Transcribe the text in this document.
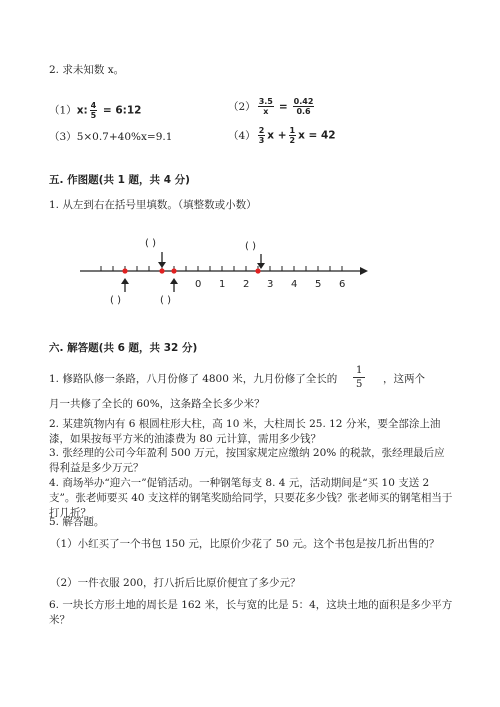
2. 求未知数 x。
（1）x: $\frac{4}{5}$ = 6:12	$(2) \frac{3.5}{x} = \frac{0.42}{0.6}$
（3）5×0.7+40%x=9.1	$(4) \frac{2}{3}$ $x + \frac{1}{2}$ x = 42
五. 作图题(共 1 题，共 4 分)
1. 从左到右在括号里填数。（填整数或小数）
( )	( )
0 1 2 3 4 5 6
( )	( )
六. 解答题(共 6 题，共 32 分)
1. 修路队修一条路，八月份修了 4800 米，九月份修了全长的 $\frac{1}{5}$ ，这两个
月一共修了全长的 60%，这条路全长多少米？
2. 某建筑物内有 6 根圆柱形大柱，高 10 米，大柱周长 25. 12 分米，要全部涂上油漆，如果按每平方米的油漆费为 80 元计算，需用多少钱？
3. 张经理的公司今年盈利 500 万元，按国家规定应缴纳 20% 的税款，张经理最后应得利益是多少万元？
4. 商场举办“迎六一”促销活动。一种钢笔每支 8. 4 元，活动期间是“买 10 支送 2 支”。张老师要买 40 支这样的钢笔奖励给同学，只要花多少钱？张老师买的钢笔相当于打几折？
5. 解答题。
（1）小红买了一个书包 150 元，比原价少花了 50 元。这个书包是按几折出售的？
（2）一件衣服 200，打八折后比原价便宜了多少元？
6. 一块长方形土地的周长是 162 米，长与宽的比是 5：4，这块土地的面积是多少平方米？
